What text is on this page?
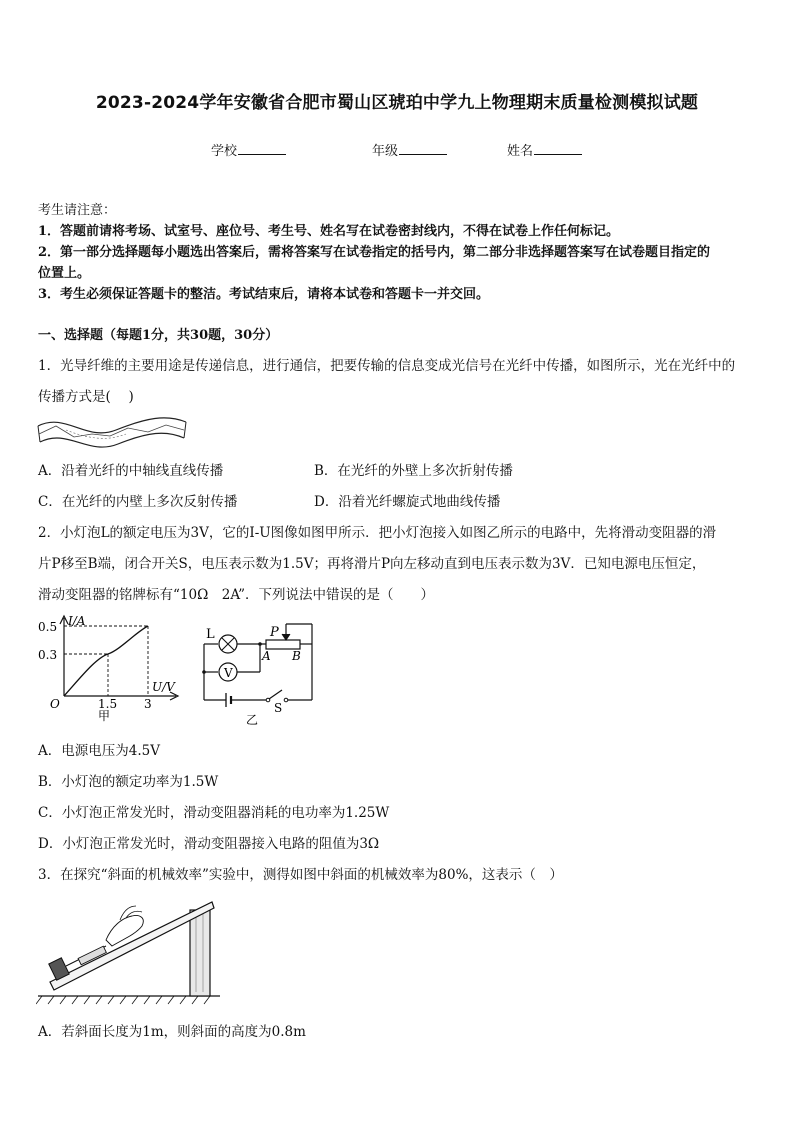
2023-2024学年安徽省合肥市蜀山区琥珀中学九上物理期末质量检测模拟试题
学校	年级	姓名
考生请注意：
1．答题前请将考场、试室号、座位号、考生号、姓名写在试卷密封线内，不得在试卷上作任何标记。
2．第一部分选择题每小题选出答案后，需将答案写在试卷指定的括号内，第二部分非选择题答案写在试卷题目指定的
位置上。
3．考生必须保证答题卡的整洁。考试结束后，请将本试卷和答题卡一并交回。
一、选择题（每题1分，共30题，30分）
1．光导纤维的主要用途是传递信息，进行通信，把要传输的信息变成光信号在光纤中传播，如图所示，光在光纤中的
传播方式是(　 )
A．沿着光纤的中轴线直线传播	B．在光纤的外壁上多次折射传播
C．在光纤的内壁上多次反射传播	D．沿着光纤螺旋式地曲线传播
2．小灯泡L的额定电压为3V，它的I-U图像如图甲所示．把小灯泡接入如图乙所示的电路中，先将滑动变阻器的滑
片P移至B端，闭合开关S，电压表示数为1.5V；再将滑片P向左移动直到电压表示数为3V．已知电源电压恒定，
滑动变阻器的铭牌标有“10Ω　2A”．下列说法中错误的是（　　）
I/A
U/V
0.5
0.3
O	1.5 3
甲
V
L	P
A B
S
乙
A．电源电压为4.5V
B．小灯泡的额定功率为1.5W
C．小灯泡正常发光时，滑动变阻器消耗的电功率为1.25W
D．小灯泡正常发光时，滑动变阻器接入电路的阻值为3Ω
3．在探究“斜面的机械效率”实验中，测得如图中斜面的机械效率为80%，这表示（　）
A．若斜面长度为1m，则斜面的高度为0.8m
